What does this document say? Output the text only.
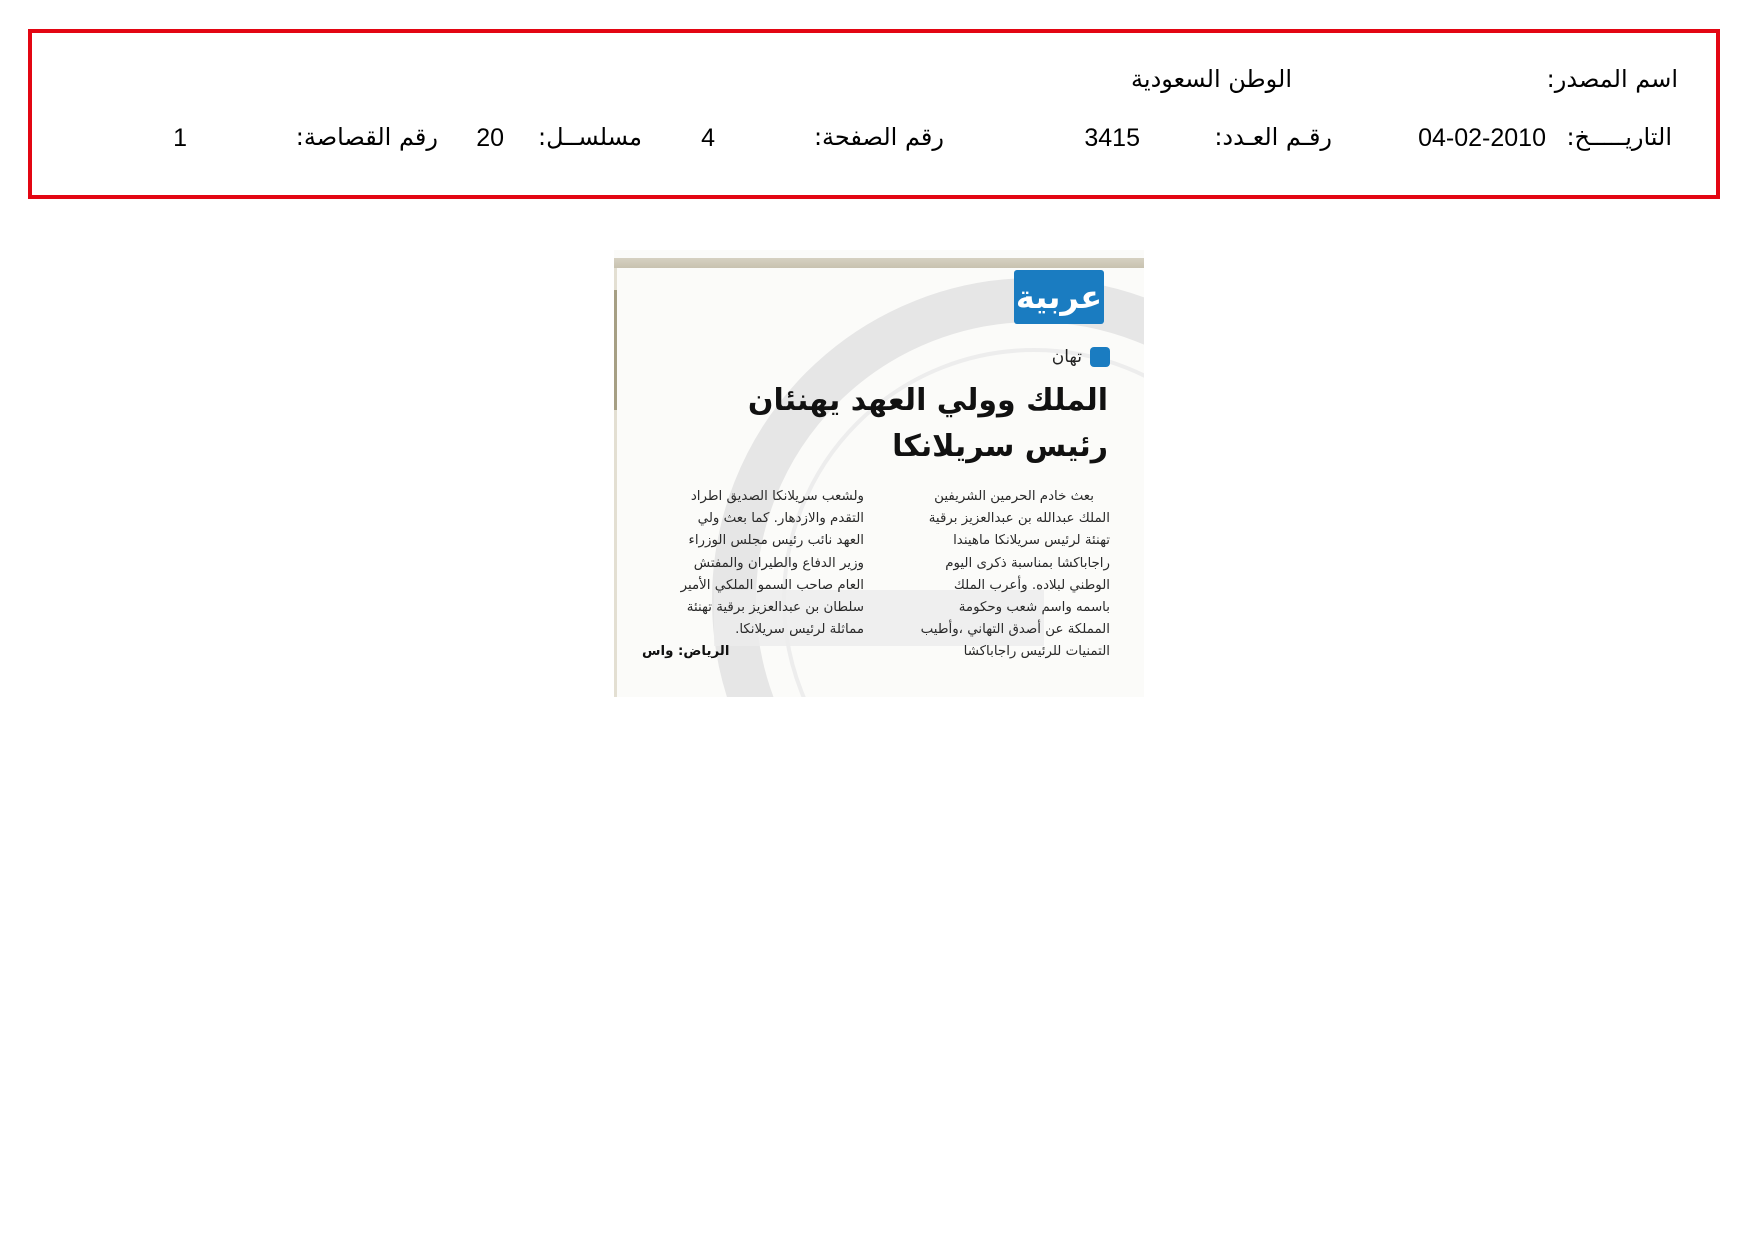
اسم المصدر:
الوطن السعودية
التاريـــــخ:
04-02-2010
رقـم العـدد:
3415
رقم الصفحة:
4
مسلســل:
20
رقم القصاصة:
1
عربية
تهان
الملك وولي العهد يهنئان
رئيس سريلانكا
بعث خادم الحرمين الشريفين
الملك عبدالله بن عبدالعزيز برقية
تهنئة لرئيس سريلانكا ماهيندا
راجاباكشا بمناسبة ذكرى اليوم
الوطني لبلاده. وأعرب الملك
باسمه واسم شعب وحكومة
المملكة عن أصدق التهاني ،وأطيب
التمنيات للرئيس راجاباكشا
ولشعب سريلانكا الصديق اطراد
التقدم والازدهار. كما بعث ولي
العهد نائب رئيس مجلس الوزراء
وزير الدفاع والطيران والمفتش
العام صاحب السمو الملكي الأمير
سلطان بن عبدالعزيز برقية تهنئة
مماثلة لرئيس سريلانكا.
الرياض: واس
